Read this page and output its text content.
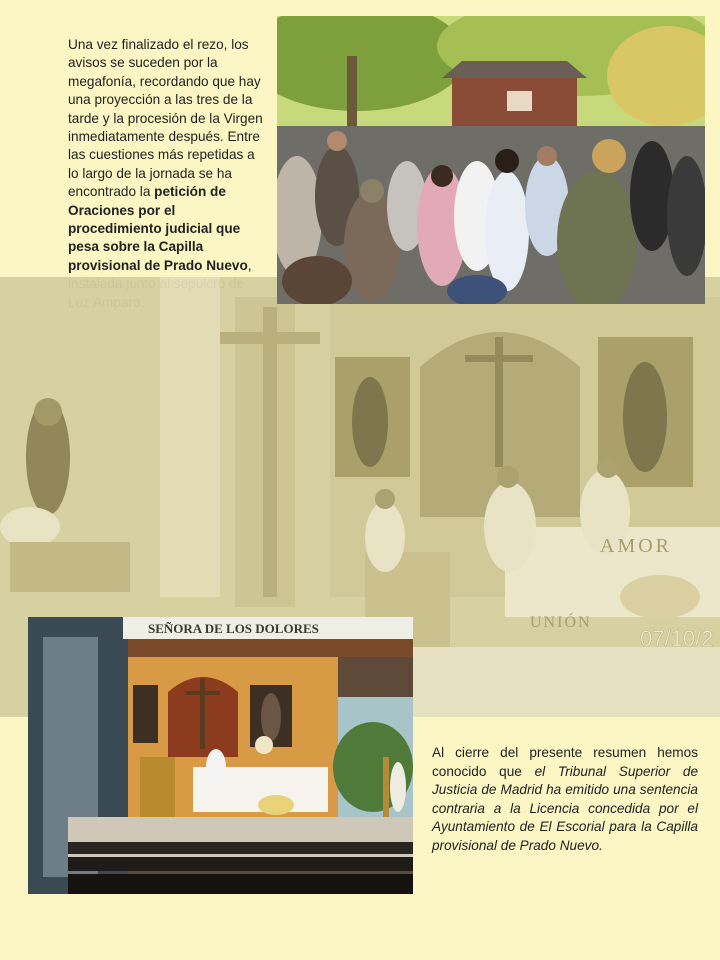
Una vez finalizado el rezo, los avisos se suceden por la megafonía, recordando que hay una proyección a las tres de la tarde y la procesión de la Virgen inmediatamente después. Entre las cuestiones más repetidas a lo largo de la jornada se ha encontrado la petición de Oraciones por el procedimiento judicial que pesa sobre la Capilla provisional de Prado Nuevo,
AMOR
UNIÓN
07/10/2
SEÑORA DE LOS DOLORES
Al cierre del presente resumen hemos conocido que el Tribunal Superior de Justicia de Madrid ha emitido una sentencia contraria a la Licencia concedida por el Ayuntamiento de El Escorial para la Capilla provisional de Prado Nuevo.
